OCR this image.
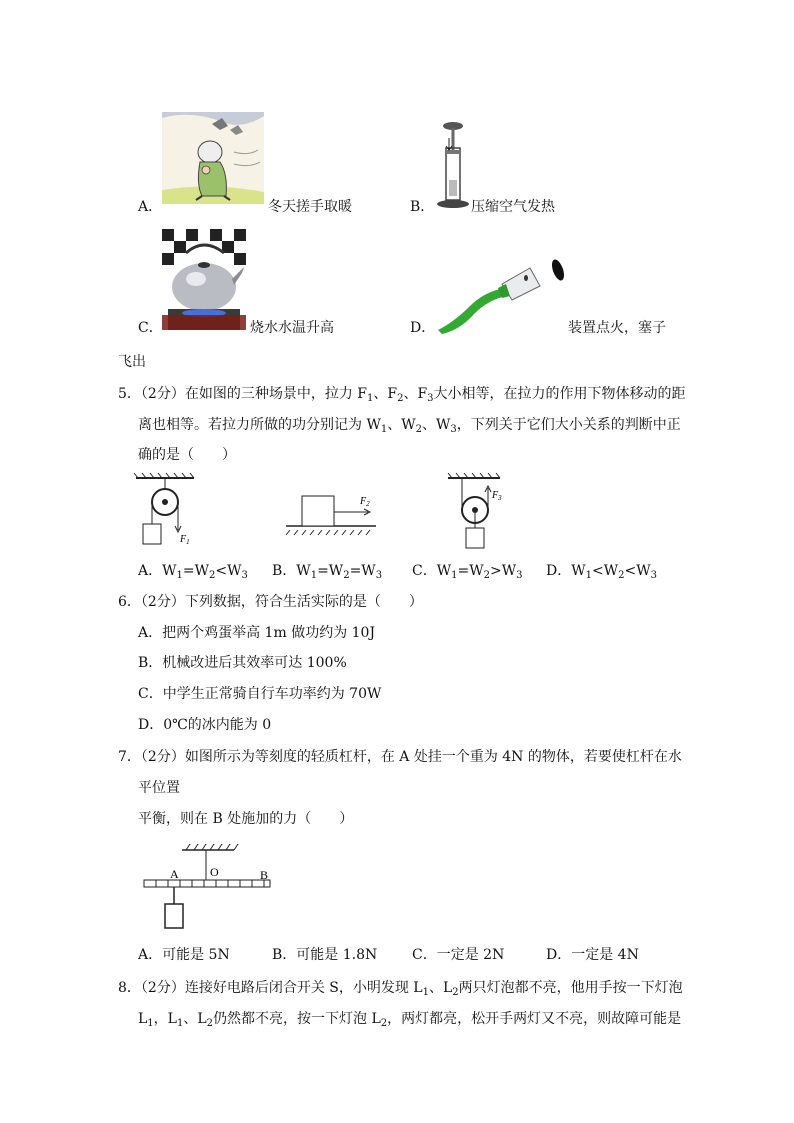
A．	冬天搓手取暖	B．	压缩空气发热
C．	烧水水温升高	D．	装置点火，塞子
飞出
5．（2分）在如图的三种场景中，拉力 $F_1$、$F_2$、$F_3$大小相等，在拉力的作用下物体移动的距
离也相等。若拉力所做的功分别记为 $W_1$、$W_2$、$W_3$，下列关于它们大小关系的判断中正
确的是（　　）
$F_1$
$F_2$
$F_3$
A．$W_1=W_2<W_3$ B．$W_1=W_2=W_3$ C．$W_1=W_2>W_3$ D．$W_1<W_2<W_3$
6．（2分）下列数据，符合生活实际的是（　　）
A．把两个鸡蛋举高 1m 做功约为 10J
B．机械改进后其效率可达 100%
C．中学生正常骑自行车功率约为 70W
D．0℃的冰内能为 0
7．（2分）如图所示为等刻度的轻质杠杆，在 A 处挂一个重为 4N 的物体，若要使杠杆在水
平位置
平衡，则在 B 处施加的力（　　）
A	O	B
A．可能是 5N	B．可能是 1.8N C．一定是 2N	D．一定是 4N
8．（2分）连接好电路后闭合开关 S，小明发现 $L_1$、$L_2$两只灯泡都不亮，他用手按一下灯泡
$L_1$，$L_1$、$L_2$仍然都不亮，按一下灯泡 $L_2$，两灯都亮，松开手两灯又不亮，则故障可能是
